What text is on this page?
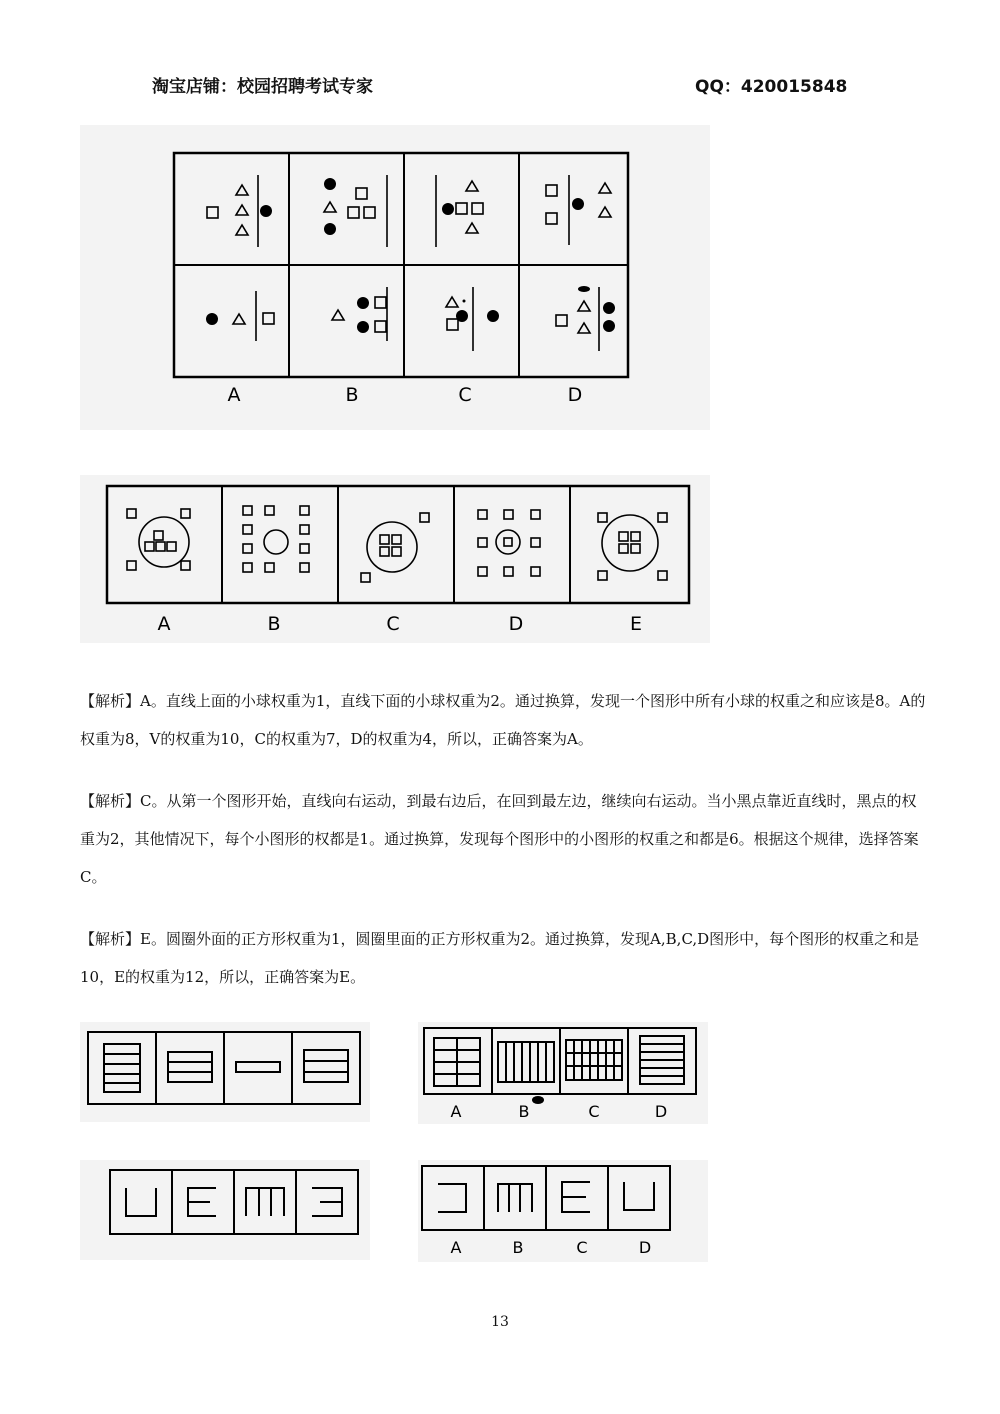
淘宝店铺：校园招聘考试专家	QQ：420015848
A	B	C	D
A	B	C	D	E
【解析】A。直线上面的小球权重为1，直线下面的小球权重为2。通过换算，发现一个图形中所有小球的权重之和应该是8。A的权重为8，V的权重为10，C的权重为7，D的权重为4，所以，正确答案为A。
【解析】C。从第一个图形开始，直线向右运动，到最右边后，在回到最左边，继续向右运动。当小黑点靠近直线时，黑点的权重为2，其他情况下，每个小图形的权都是1。通过换算，发现每个图形中的小图形的权重之和都是6。根据这个规律，选择答案C。
【解析】E。圆圈外面的正方形权重为1，圆圈里面的正方形权重为2。通过换算，发现A,B,C,D图形中，每个图形的权重之和是10，E的权重为12，所以，正确答案为E。
A	B	C	D
A	B	C	D
13
